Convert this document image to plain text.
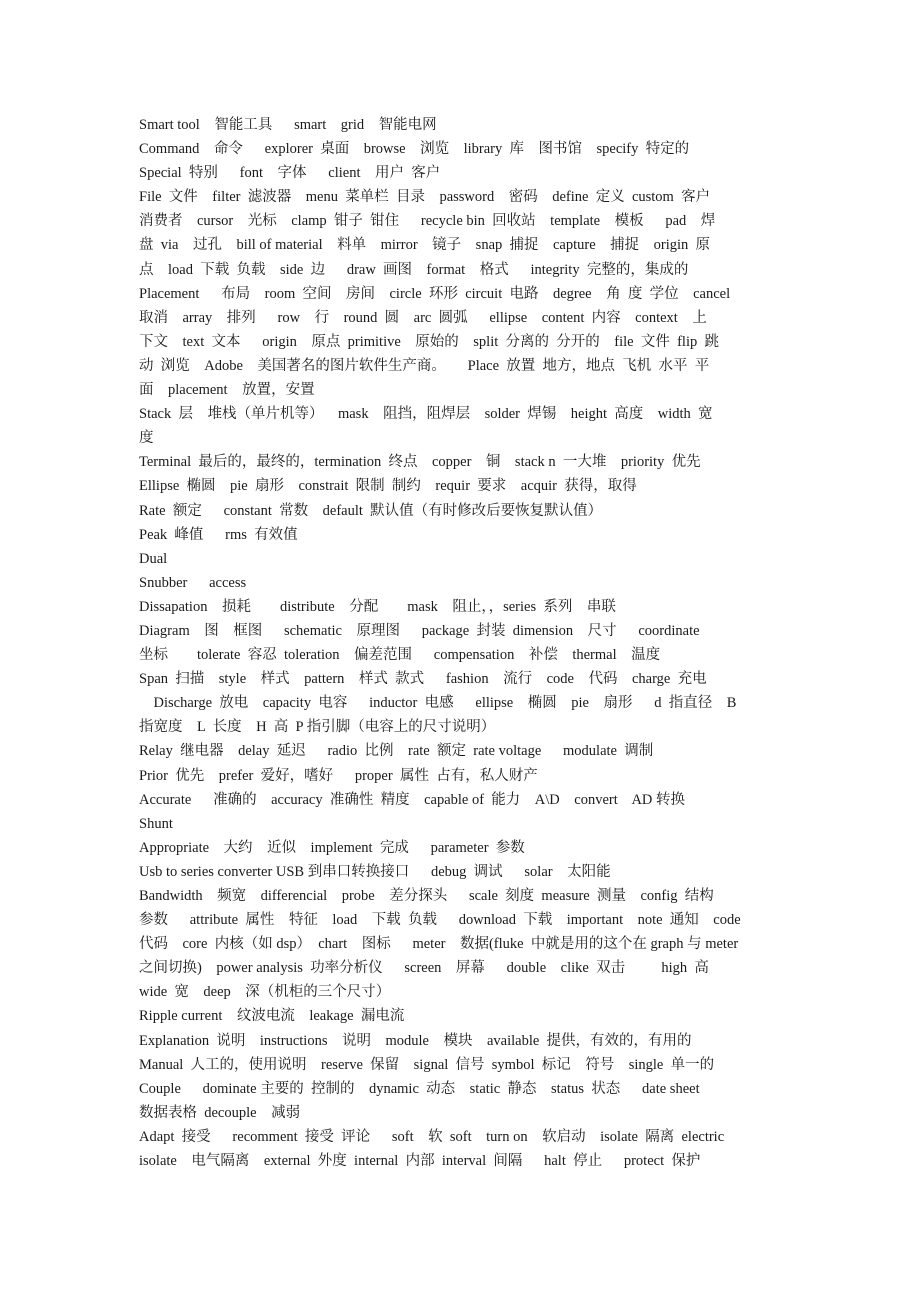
Smart tool    智能工具      smart    grid    智能电网
Command    命令      explorer  桌面    browse    浏览    library  库    图书馆    specify  特定的
Special  特别      font    字体      client    用户  客户
File  文件    filter  滤波器    menu  菜单栏  目录    password    密码    define  定义  custom  客户
消费者    cursor    光标    clamp  钳子  钳住      recycle bin  回收站    template    模板      pad    焊
盘  via    过孔    bill of material    料单    mirror    镜子    snap  捕捉    capture    捕捉    origin  原
点    load  下载  负载    side  边      draw  画图    format    格式      integrity  完整的，集成的
Placement      布局    room  空间    房间    circle  环形  circuit  电路    degree    角  度  学位    cancel
取消    array    排列      row    行    round  圆    arc  圆弧      ellipse    content  内容    context    上
下文    text  文本      origin    原点  primitive    原始的    split  分离的  分开的    file  文件  flip  跳
动  浏览    Adobe    美国著名的图片软件生产商。      Place  放置  地方，地点  飞机  水平  平
面    placement    放置，安置
Stack  层    堆栈（单片机等）    mask    阻挡，阻焊层    solder  焊锡    height  高度    width  宽
度
Terminal  最后的，最终的，termination  终点    copper    铜    stack n  一大堆    priority  优先
Ellipse  椭圆    pie  扇形    constrait  限制  制约    requir  要求    acquir  获得，取得
Rate  额定      constant  常数    default  默认值（有时修改后要恢复默认值）
Peak  峰值      rms  有效值
Dual
Snubber      access
Dissapation    损耗        distribute    分配        mask    阻止，，series  系列    串联
Diagram    图    框图      schematic    原理图      package  封装  dimension    尺寸      coordinate
坐标        tolerate  容忍  toleration    偏差范围      compensation    补偿    thermal    温度
Span  扫描    style    样式    pattern    样式  款式      fashion    流行    code    代码    charge  充电
Discharge  放电    capacity  电容      inductor  电感      ellipse    椭圆    pie    扇形      d  指直径    B
指宽度    L  长度    H  高  P 指引脚（电容上的尺寸说明）
Relay  继电器    delay  延迟      radio  比例    rate  额定  rate voltage      modulate  调制
Prior  优先    prefer  爱好，嗜好      proper  属性  占有，私人财产
Accurate      准确的    accuracy  准确性  精度    capable of  能力    A\D    convert    AD 转换
Shunt
Appropriate    大约    近似    implement  完成      parameter  参数
Usb to series converter USB 到串口转换接口      debug  调试      solar    太阳能
Bandwidth    频宽    differencial    probe    差分探头      scale  刻度  measure  测量    config  结构
参数      attribute  属性    特征    load    下载  负载      download  下载    important    note  通知    code
代码    core  内核（如 dsp）  chart    图标      meter    数据(fluke  中就是用的这个在 graph 与 meter
之间切换)    power analysis  功率分析仪      screen    屏幕      double    clike  双击          high  高
wide  宽    deep    深（机柜的三个尺寸）
Ripple current    纹波电流    leakage  漏电流
Explanation  说明    instructions    说明    module    模块    available  提供，有效的，有用的
Manual  人工的，使用说明    reserve  保留    signal  信号  symbol  标记    符号    single  单一的
Couple      dominate 主要的  控制的    dynamic  动态    static  静态    status  状态      date sheet
数据表格  decouple    减弱
Adapt  接受      recomment  接受  评论      soft    软  soft    turn on    软启动    isolate  隔离  electric
isolate    电气隔离    external  外度  internal  内部  interval  间隔      halt  停止      protect  保护
